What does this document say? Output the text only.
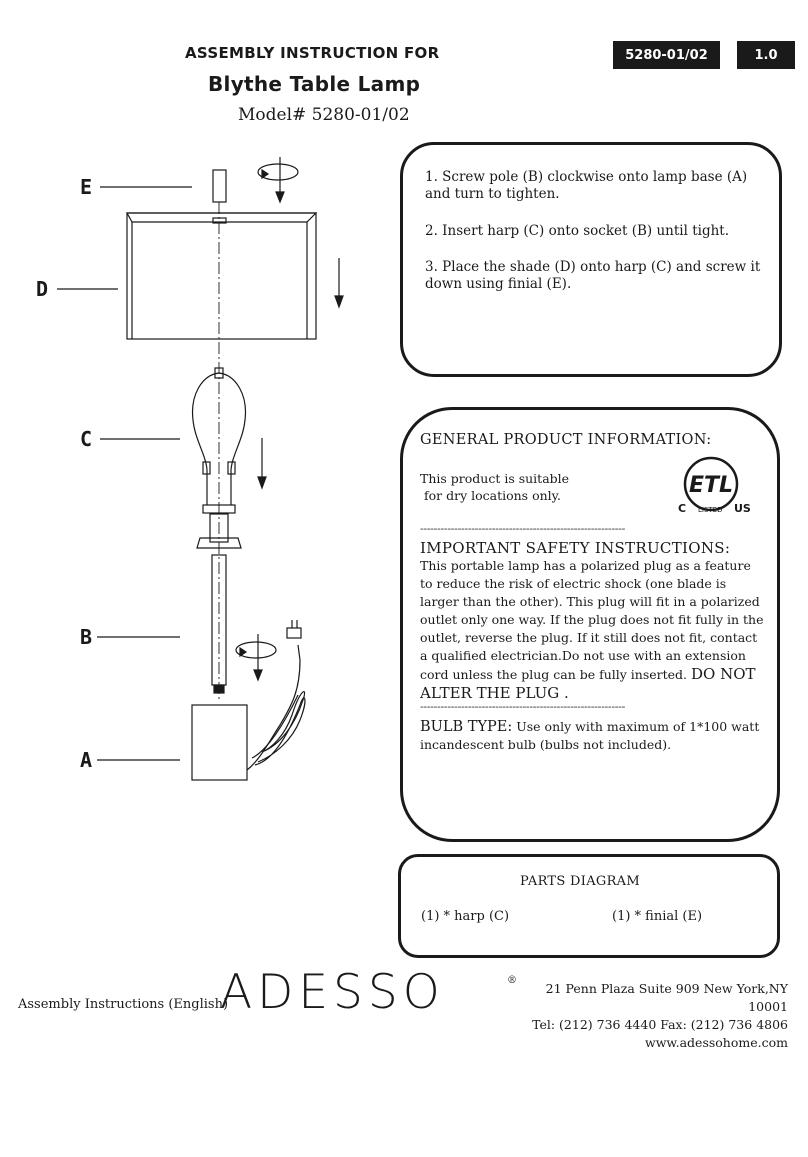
ASSEMBLY INSTRUCTION FOR
Blythe Table Lamp
Model# 5280-01/02
5280-01/02	1.0
E
D
C
B
A
1. Screw pole (B) clockwise onto lamp base (A) and turn to tighten.
2. Insert harp (C) onto socket (B) until tight.
3. Place the shade (D) onto harp (C) and screw it down using finial (E).
GENERAL PRODUCT INFORMATION:
This product is suitable
for dry locations only.	ETL
C LISTED US
------------------------------------------------------------
IMPORTANT SAFETY INSTRUCTIONS:
This portable lamp has a polarized plug as a feature to reduce the risk of electric shock (one blade is larger than the other). This plug will fit in a polarized outlet only one way. If the plug does not fit fully in the outlet, reverse the plug. If it still does not fit, contact a qualified electrician.Do not use with an extension cord unless the plug can be fully inserted. DO NOT ALTER THE PLUG .
------------------------------------------------------------
BULB TYPE: Use only with maximum of 1*100 watt incandescent bulb (bulbs not included).
PARTS DIAGRAM
(1) * harp (C)	(1) * finial (E)
Assembly Instructions (English)
ADESSO	®
21 Penn Plaza Suite 909 New York,NY 10001
Tel: (212) 736 4440 Fax: (212) 736 4806
www.adessohome.com
